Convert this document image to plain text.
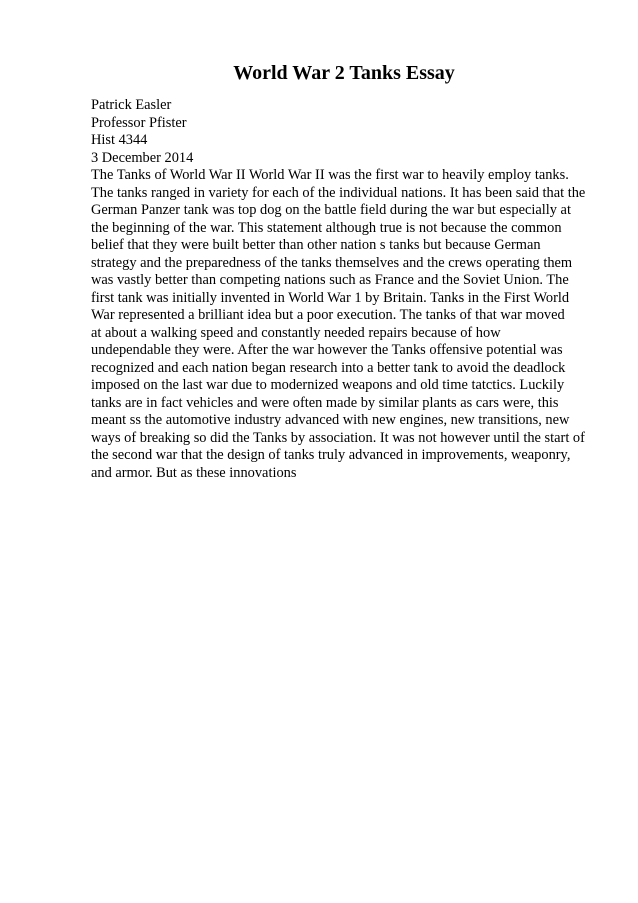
World War 2 Tanks Essay
Patrick Easler
Professor Pfister
Hist 4344
3 December 2014
The Tanks of World War II World War II was the first war to heavily employ tanks.
The tanks ranged in variety for each of the individual nations. It has been said that the
German Panzer tank was top dog on the battle field during the war but especially at
the beginning of the war. This statement although true is not because the common
belief that they were built better than other nation s tanks but because German
strategy and the preparedness of the tanks themselves and the crews operating them
was vastly better than competing nations such as France and the Soviet Union. The
first tank was initially invented in World War 1 by Britain. Tanks in the First World
War represented a brilliant idea but a poor execution. The tanks of that war moved
at about a walking speed and constantly needed repairs because of how
undependable they were. After the war however the Tanks offensive potential was
recognized and each nation began research into a better tank to avoid the deadlock
imposed on the last war due to modernized weapons and old time tatctics. Luckily
tanks are in fact vehicles and were often made by similar plants as cars were, this
meant ss the automotive industry advanced with new engines, new transitions, new
ways of breaking so did the Tanks by association. It was not however until the start of
the second war that the design of tanks truly advanced in improvements, weaponry,
and armor. But as these innovations
